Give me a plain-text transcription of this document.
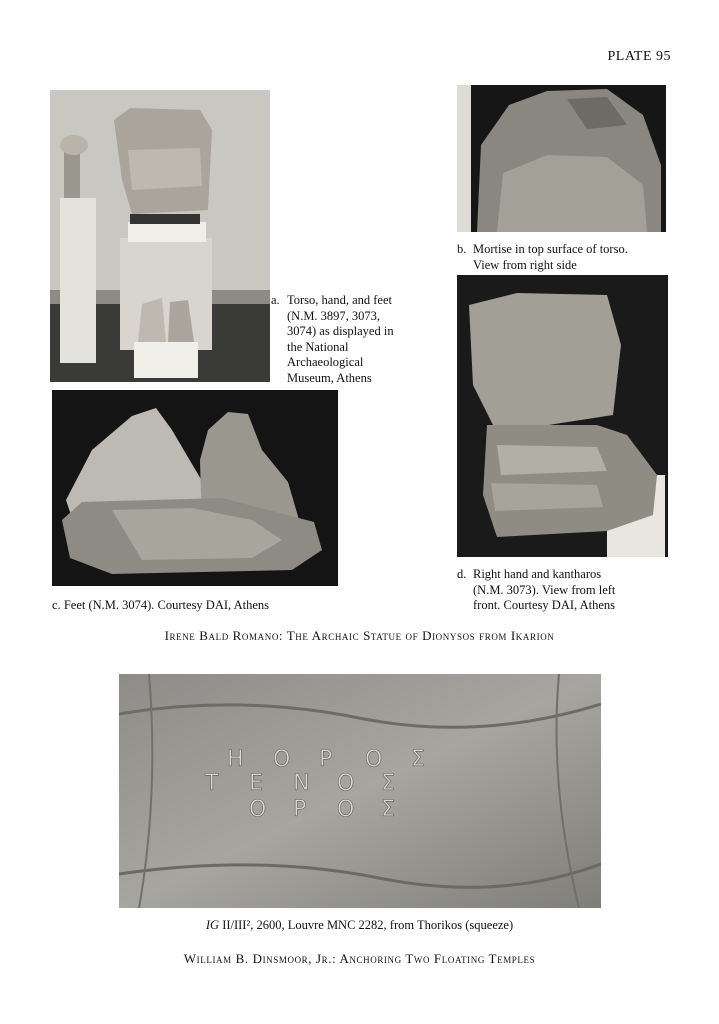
PLATE 95
a. Torso, hand, and feet
(N.M. 3897, 3073,
3074) as displayed in
the National
Archaeological
Museum, Athens
b. Mortise in top surface of torso.
View from right side
c. Feet (N.M. 3074). Courtesy DAI, Athens
d. Right hand and kantharos
(N.M. 3073). View from left
front. Courtesy DAI, Athens
Irene Bald Romano: The Archaic Statue of Dionysos from Ikarion
Η Ο Ρ Ο Σ
Τ Ε Ν Ο Σ
Ο Ρ Ο Σ
IG II/III², 2600, Louvre MNC 2282, from Thorikos (squeeze)
William B. Dinsmoor, Jr.: Anchoring Two Floating Temples
